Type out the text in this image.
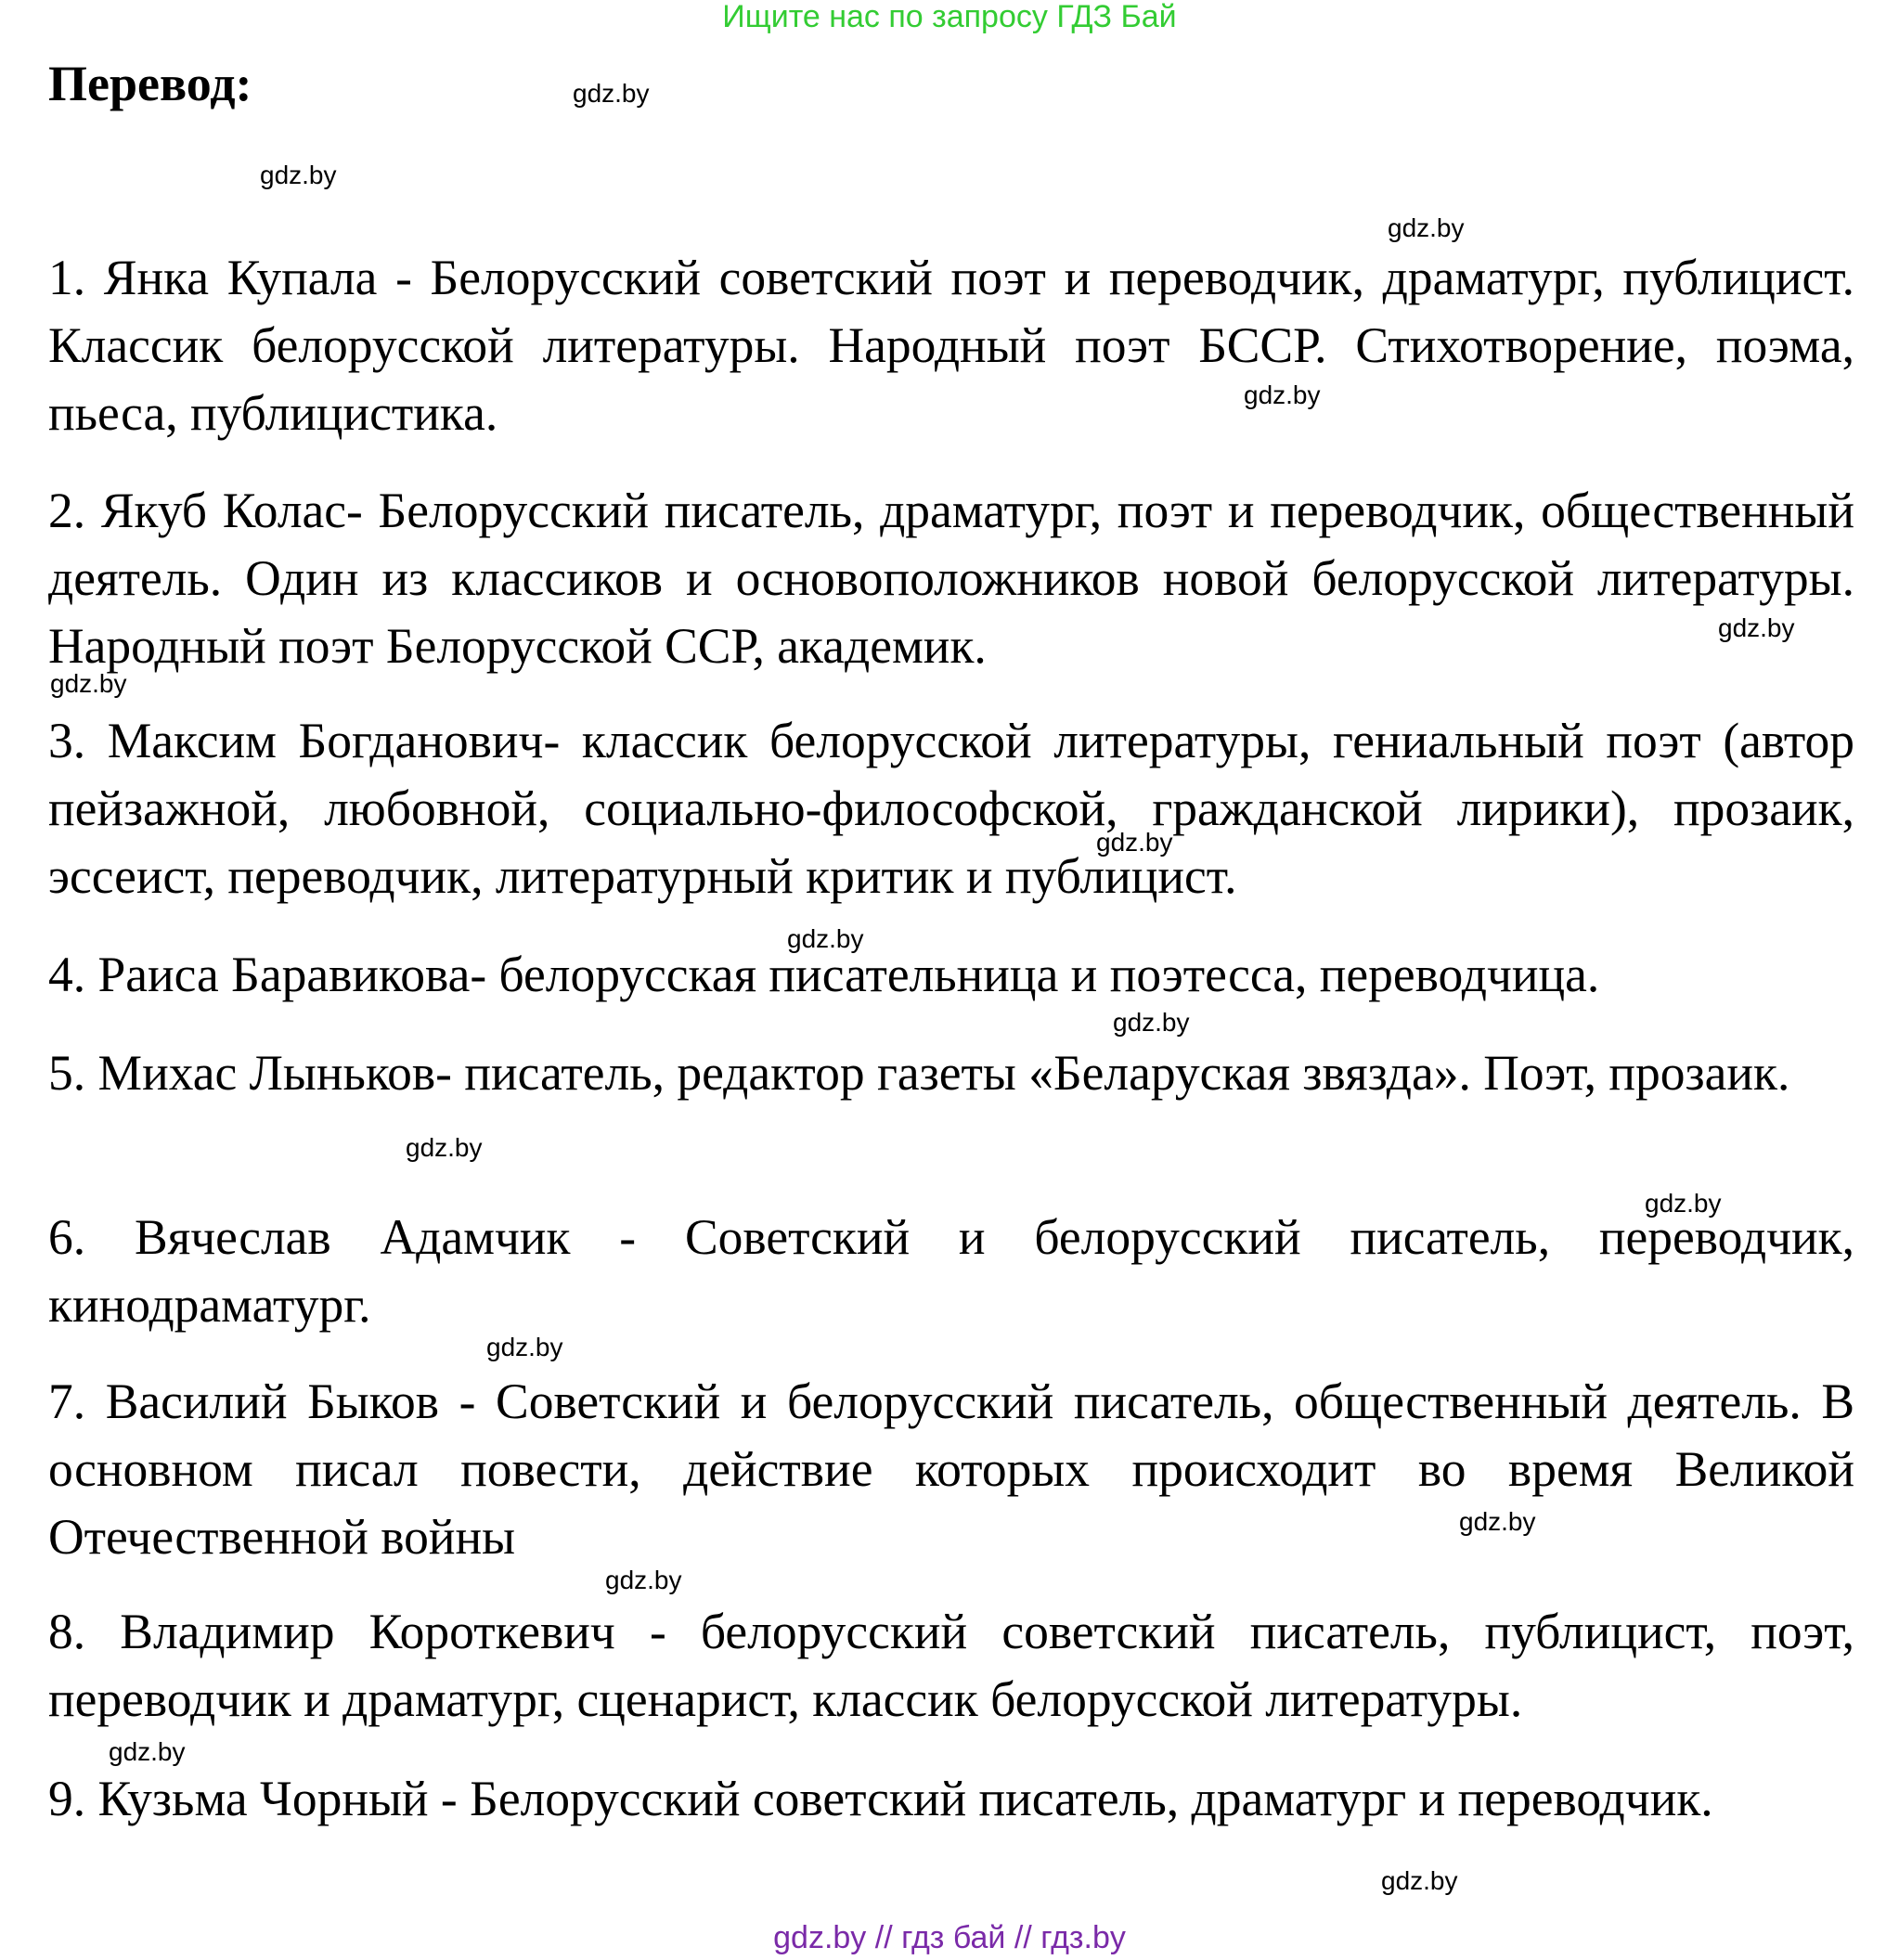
Ищите нас по запросу ГДЗ Бай
Перевод:

1. Янка Купала - Белорусский советский поэт и переводчик, драматург, публицист. Классик белорусской литературы. Народный поэт БССР. Стихотворение, поэма, пьеса, публицистика.

2. Якуб Колас- Белорусский писатель, драматург, поэт и переводчик, общественный деятель. Один из классиков и основоположников новой белорусской литературы. Народный поэт Белорусской ССР, академик.

3. Максим Богданович- классик белорусской литературы, гениальный поэт (автор пейзажной, любовной, социально-философской, гражданской лирики), прозаик, эссеист, переводчик, литературный критик и публицист.

4. Раиса Баравикова- белорусская писательница и поэтесса, переводчица.

5. Михас Лыньков- писатель, редактор газеты «Беларуская звязда». Поэт, прозаик.

6. Вячеслав Адамчик - Советский и белорусский писатель, переводчик, кинодраматург.

7. Василий Быков - Советский и белорусский писатель, общественный деятель. В основном писал повести, действие которых происходит во время Великой Отечественной войны

8. Владимир Короткевич - белорусский советский писатель, публицист, поэт, переводчик и драматург, сценарист, классик белорусской литературы.

9. Кузьма Чорный - Белорусский советский писатель, драматург и переводчик.

gdz.by
gdz.by
gdz.by
gdz.by
gdz.by
gdz.by
gdz.by
gdz.by
gdz.by
gdz.by
gdz.by
gdz.by
gdz.by
gdz.by
gdz.by
gdz.by
gdz.by // гдз бай // гдз.by
